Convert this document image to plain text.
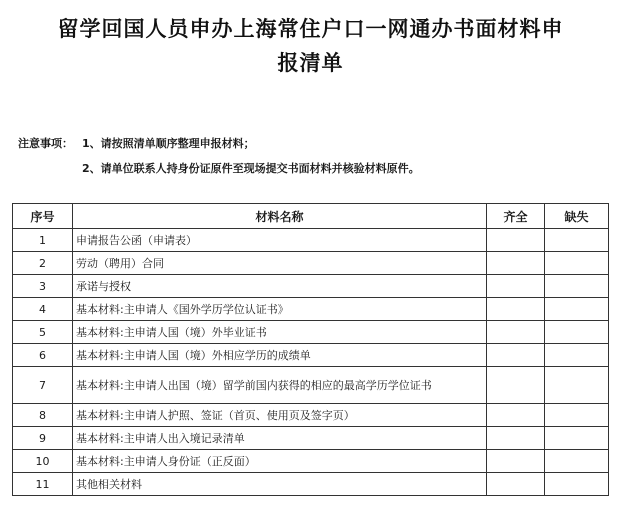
留学回国人员申办上海常住户口一网通办书面材料申
报清单
注意事项： 1、请按照清单顺序整理申报材料；
2、请单位联系人持身份证原件至现场提交书面材料并核验材料原件。
序号	材料名称	齐全	缺失
1	申请报告公函（申请表）		
2	劳动（聘用）合同		
3	承诺与授权		
4	基本材料:主申请人《国外学历学位认证书》		
5	基本材料:主申请人国（境）外毕业证书		
6	基本材料:主申请人国（境）外相应学历的成绩单		
7	基本材料:主申请人出国（境）留学前国内获得的相应的最高学历学位证书		
8	基本材料:主申请人护照、签证（首页、使用页及签字页）		
9	基本材料:主申请人出入境记录清单		
10	基本材料:主申请人身份证（正反面）		
11	其他相关材料		
